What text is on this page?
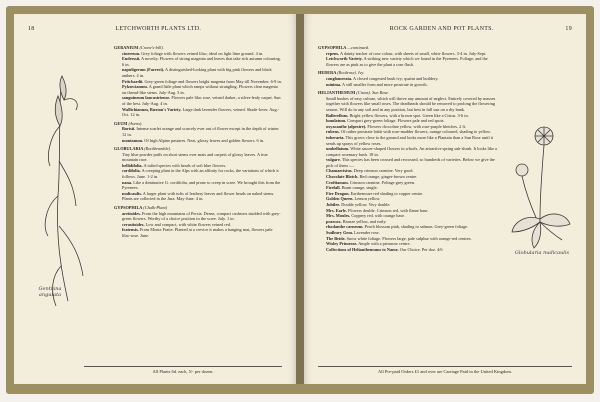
18	LETCHWORTH PLANTS LTD.
Gentiana angulata
GERANIUM (Crane's-bill).
cinereum. Grey foliage with flowers veined lilac; ideal on light lime ground. 4 in.
Endressii. A novelty. Flowers of strong magenta and leaves that take rich autumn colouring. 6 in.
napuligerum (Farreri). A distinguished-looking plant with big pink flowers and black anthers. 4 in.
Pritchardii. Grey-green foliage and flowers bright magenta from May till November. 6-9 in.
Pylzowianum. A grand little plant which ramps without strangling. Flowers clear magenta on thread-like stems. July-Aug. 3 in.
sanguineum lancastriense. Flowers pale lilac rose, veined darker, a silver-leafy carpet. Sun of the best. July-Aug. 4 in.
Wallichianum, Buxton's Variety. Large dark lavender flowers, veined. Shade-lover. Aug.-Oct. 12 in.
GEUM (Avens).
Borisii. Intense scarlet orange and scarcely ever out of flower except in the depth of winter. 12 in.
montanum. Of high Alpine pastures. Neat, glossy leaves and golden flowers. 6 in.
GLOBULARIA (Rockbramble).
Tiny blue powder puffs on short stems over mats and carpets of glossy leaves. A true mountain race.
bellidifolia. A tufted species with heads of soft blue flowers.
cordifolia. A creeping plant in the Alps with an affinity for rocks, the variations of which it follows. June. 1-2 in.
nana. Like a diminutive G. cordifolia, and prone to creep in scree. We brought this from the Pyrenees.
nudicaulis. A larger plant with tufts of leathery leaves and flower heads on naked stems. Plants are collected in the Jura. May-June. 4 in.
GYPSOPHILA (Chalk-Plant)
aretioides. From the high mountains of Persia. Dense, compact cushions studded with grey-green flowers. Worthy of a choice position in the scree. July. 1 in.
cerastioides. Low and compact, with white flowers veined red.
fratensis. From Monte Fratte. Planted at a crevice it makes a hanging mat, flowers pale lilac-rose. June.
All Plants 6d. each, 5/- per dozen.
ROCK GARDEN AND POT PLANTS.	19
GYPSOPHILA —continued.
repens. A dainty tracker of rose colour, with sheets of small, white flowers. 3-4 in. July-Sept.
Letchworth Variety. A striking new variety which we found in the Pyrenees. Foliage, and the flowers are as pink as to give the plant a rose flush.
HEDERA (Rockrose). Ivy.
conglomerata. A closed congested bush ivy; quaint and buildery.
minima. A still smaller form and more prostrate in growth.
HELIANTHEMUM (Cistus). Sun Rose.
Small bushes of easy culture, which will thrive any amount of neglect. Entirely covered by masses together with flowers like small roses. The deadheads should be removed to prolong the flowering season. Will do in any soil and in any position, but best in full sun on a dry bank.
Ballerellum. Bright yellow flowers, with a brown spot. Green like a Cistus. 3-6 in.
lunulatum. Compact grey-green foliage. Flowers pale and red spots.
oxyacanthe (alpestre). Flowers chocolate yellow, with rose-purple blotches. 2 ft.
rubens. Of rather prostrate habit with rose-madder flowers, orange coloured, shading to yellow.
tuberaria. This grows close to the ground and looks more like a Plantain than a Sun Rose until it sends up sprays of yellow roses.
umbellatum. White saucer-shaped flowers in whorls. An attractive spring sub-shrub. It looks like a compact rosemary bush. 18 in.
vulgare. This species has been crossed and recrossed, so hundreds of varieties. Below we give the pick of them :—
Chamaecistus. Deep crimson carmine. Very good.
Chocolate Blotch. Red orange, ginger-brown centre.
Croftianum. Crimson carmine. Foliage grey green.
Firefall. Burnt orange, single.
Fire Dragon. Earthenware red shading to copper centre.
Golden Queen. Lemon yellow.
Jubilee. Double yellow. Very double.
Mrs. Earle. Flowers double. Crimson red, with flame base.
Mrs. Moules. Coppery red, with orange base.
praecox. Bronze yellow, and early.
rhodanthe carneum. Peach blossom pink, shading to salmon. Grey-green foliage.
Sudbury Gem. Lavender rose.
The Bride. Snow white foliage. Flowers large, pale sulphur with orange-red centres.
Wisley Primrose. Ample with a primrose centre.
Collections of Helianthemums to Name. Our Choice. Per doz. 4/6
Globularia nudicaulis
All Pre-paid Orders £1 and over are Carriage Paid in the United Kingdom.
